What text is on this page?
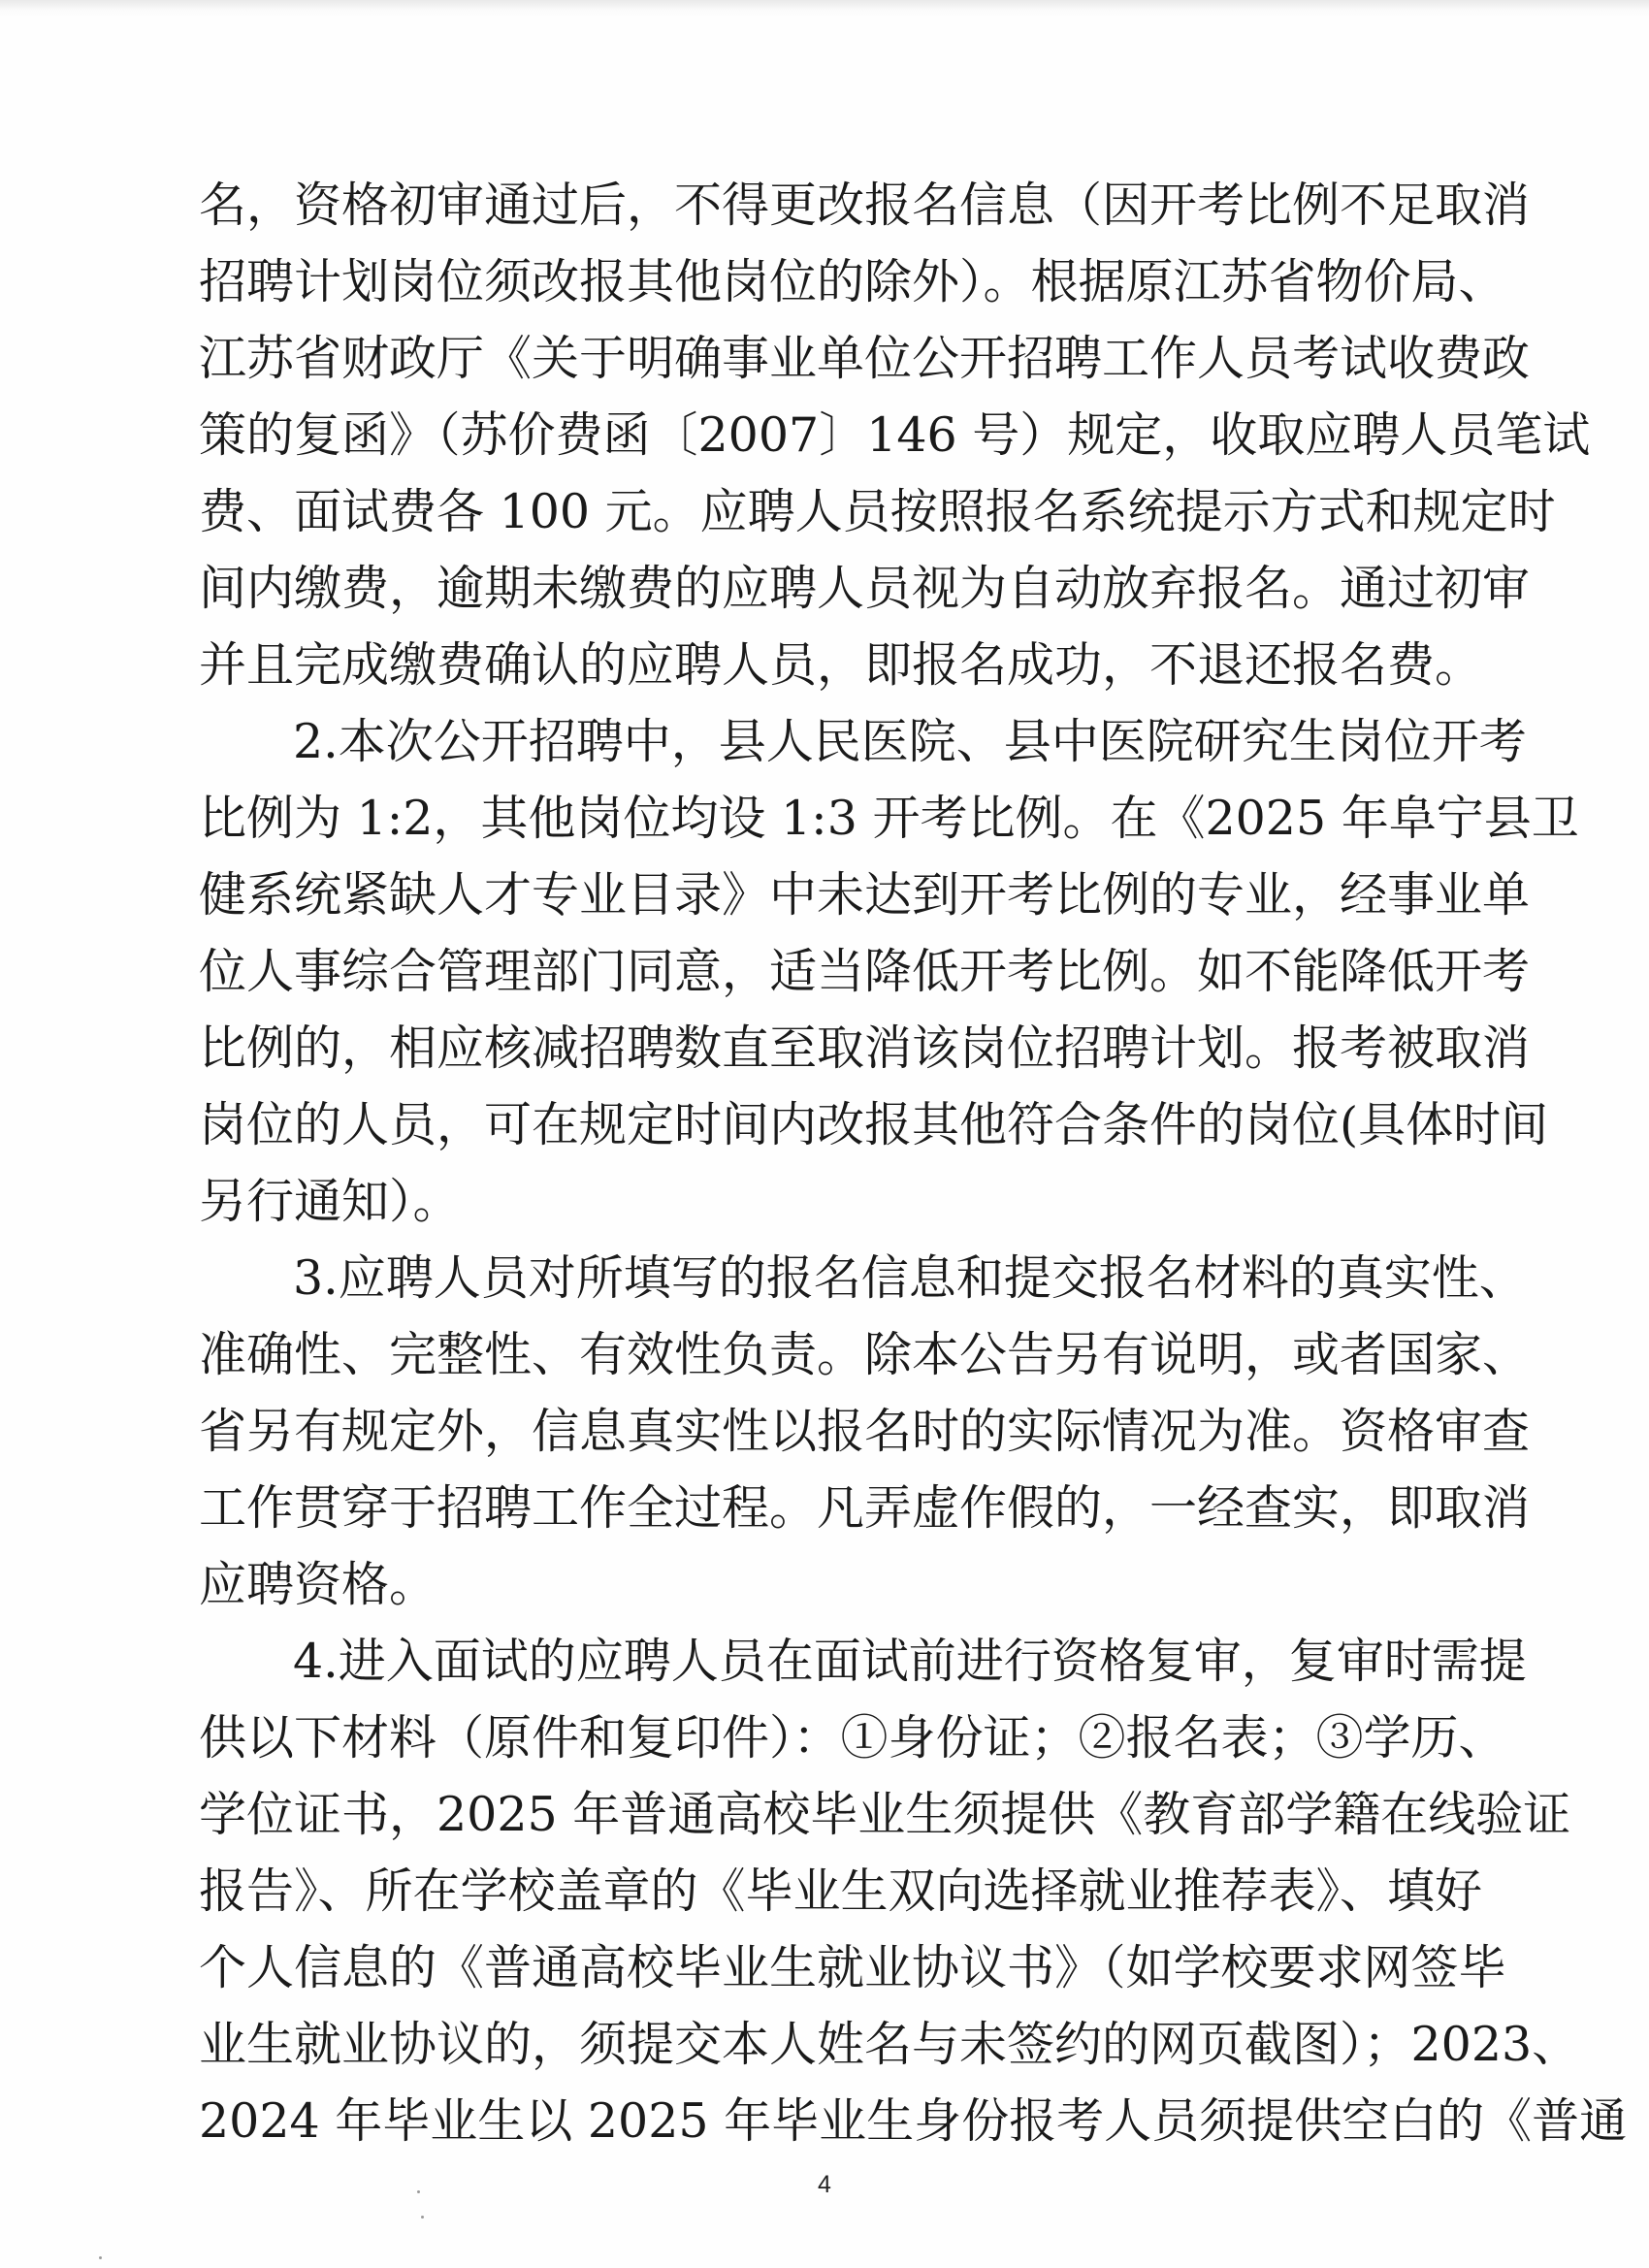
名，资格初审通过后，不得更改报名信息（因开考比例不足取消

招聘计划岗位须改报其他岗位的除外）。根据原江苏省物价局、

江苏省财政厅《关于明确事业单位公开招聘工作人员考试收费政

策的复函》（苏价费函〔2007〕146 号）规定，收取应聘人员笔试

费、面试费各 100 元。应聘人员按照报名系统提示方式和规定时

间内缴费，逾期未缴费的应聘人员视为自动放弃报名。通过初审

并且完成缴费确认的应聘人员，即报名成功，不退还报名费。

2.本次公开招聘中，县人民医院、县中医院研究生岗位开考

比例为 1:2，其他岗位均设 1:3 开考比例。在《2025 年阜宁县卫

健系统紧缺人才专业目录》中未达到开考比例的专业，经事业单

位人事综合管理部门同意，适当降低开考比例。如不能降低开考

比例的，相应核减招聘数直至取消该岗位招聘计划。报考被取消

岗位的人员，可在规定时间内改报其他符合条件的岗位(具体时间

另行通知）。

3.应聘人员对所填写的报名信息和提交报名材料的真实性、

准确性、完整性、有效性负责。除本公告另有说明，或者国家、

省另有规定外，信息真实性以报名时的实际情况为准。资格审查

工作贯穿于招聘工作全过程。凡弄虚作假的，一经查实，即取消

应聘资格。

4.进入面试的应聘人员在面试前进行资格复审，复审时需提

供以下材料（原件和复印件）：①身份证；②报名表；③学历、

学位证书，2025 年普通高校毕业生须提供《教育部学籍在线验证

报告》、所在学校盖章的《毕业生双向选择就业推荐表》、填好

个人信息的《普通高校毕业生就业协议书》（如学校要求网签毕

业生就业协议的，须提交本人姓名与未签约的网页截图）；2023、

2024 年毕业生以 2025 年毕业生身份报考人员须提供空白的《普通

4
